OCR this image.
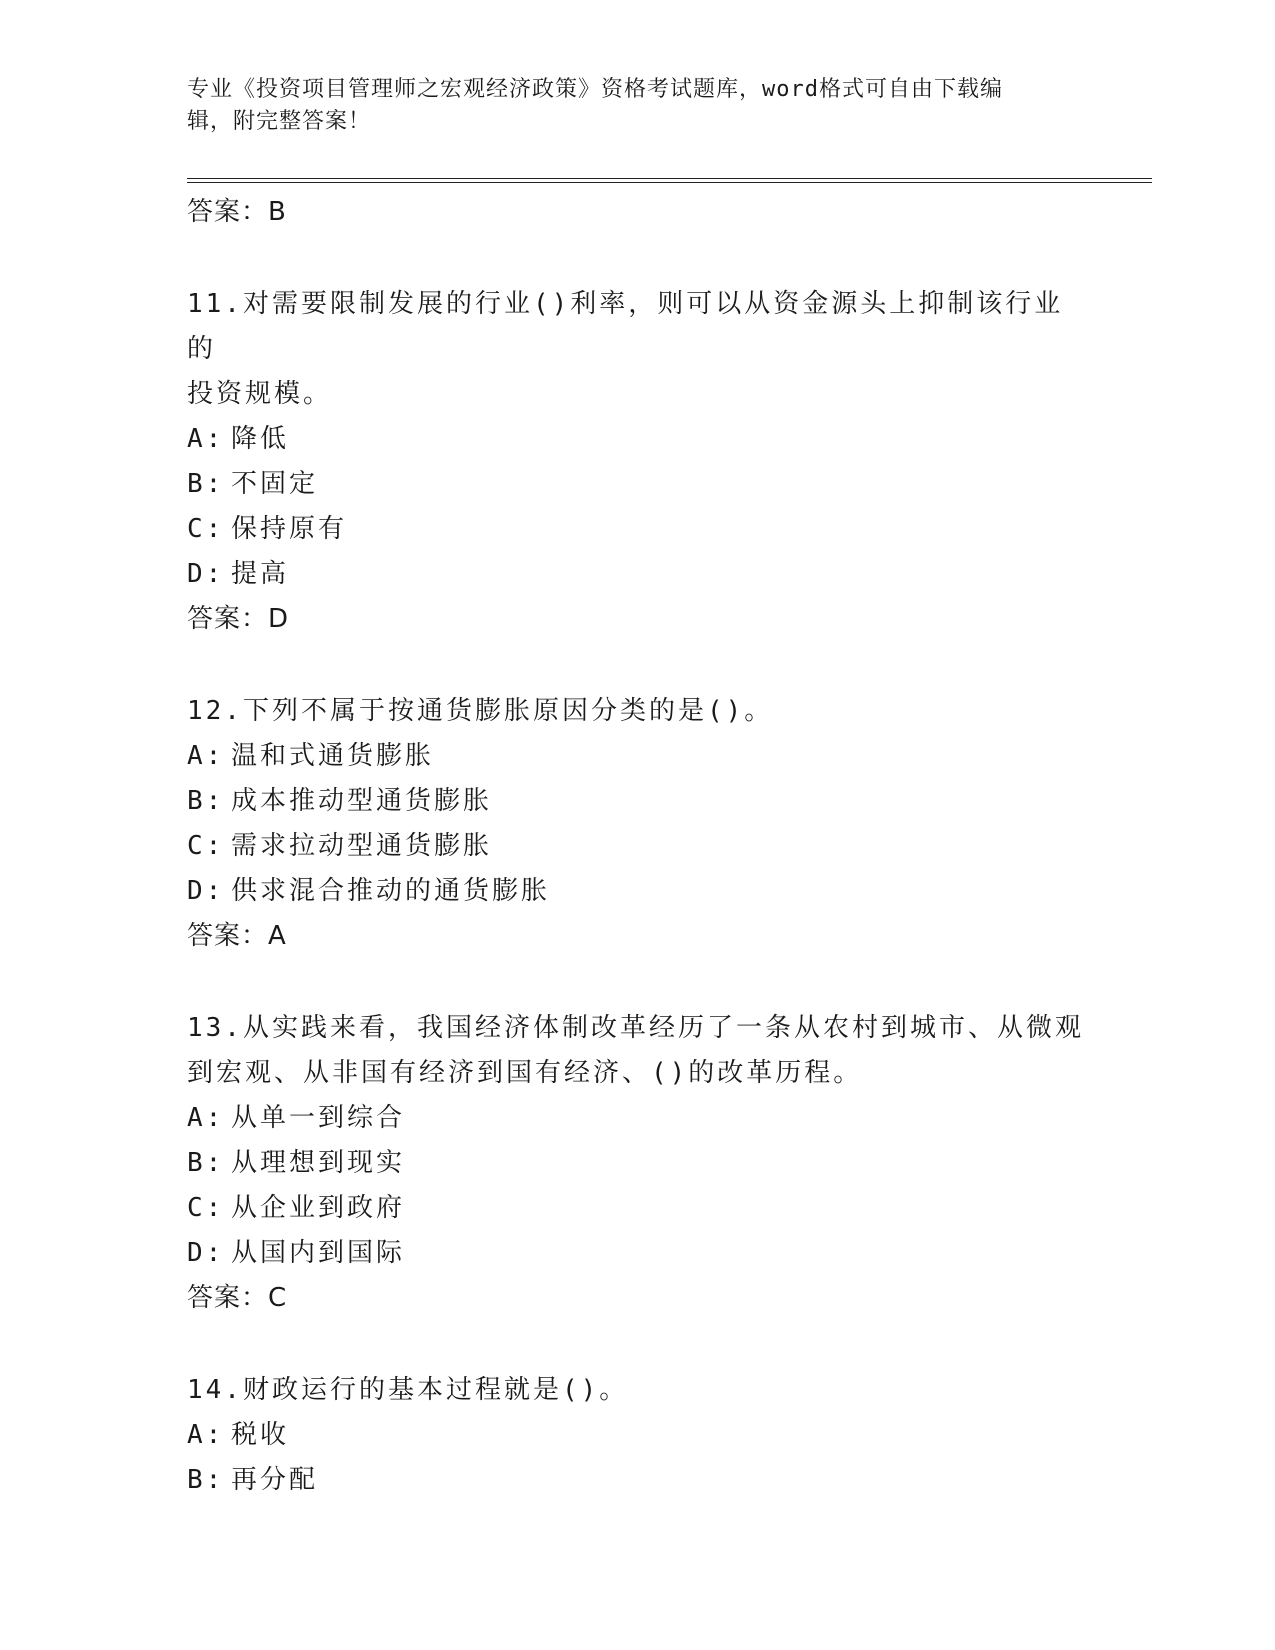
专业《投资项目管理师之宏观经济政策》资格考试题库，word格式可自由下载编
辑，附完整答案！
答案：B
11.对需要限制发展的行业()利率，则可以从资金源头上抑制该行业的
投资规模。
A: 降低
B: 不固定
C: 保持原有
D: 提高
答案：D
12.下列不属于按通货膨胀原因分类的是()。
A: 温和式通货膨胀
B: 成本推动型通货膨胀
C: 需求拉动型通货膨胀
D: 供求混合推动的通货膨胀
答案：A
13.从实践来看，我国经济体制改革经历了一条从农村到城市、从微观
到宏观、从非国有经济到国有经济、()的改革历程。
A: 从单一到综合
B: 从理想到现实
C: 从企业到政府
D: 从国内到国际
答案：C
14.财政运行的基本过程就是()。
A: 税收
B: 再分配
